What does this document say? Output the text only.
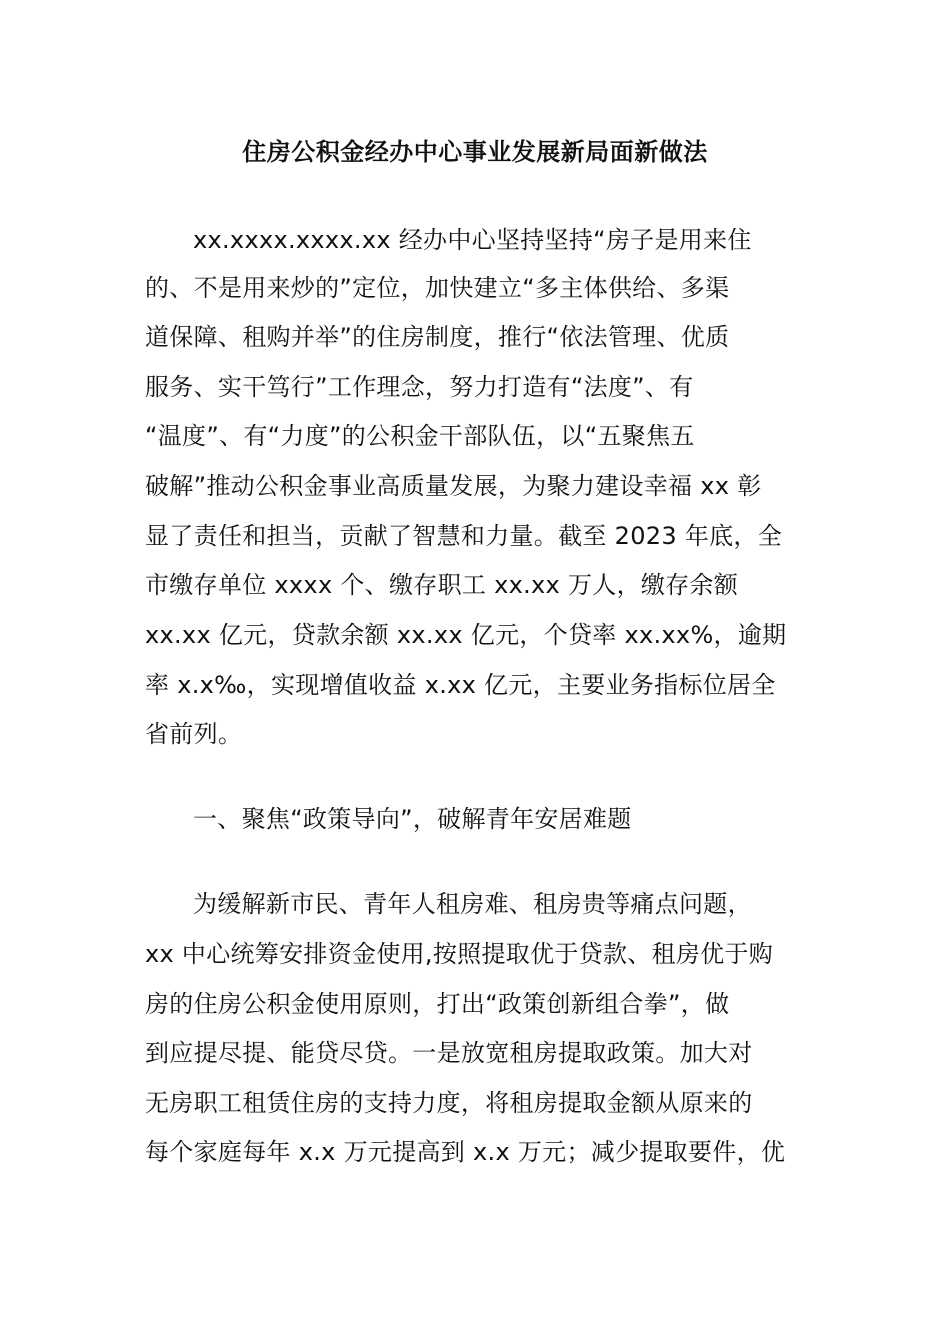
住房公积金经办中心事业发展新局面新做法
xx.xxxx.xxxx.xx 经办中心坚持坚持“房子是用来住
的、不是用来炒的”定位，加快建立“多主体供给、多渠
道保障、租购并举”的住房制度，推行“依法管理、优质
服务、实干笃行”工作理念，努力打造有“法度”、有
“温度”、有“力度”的公积金干部队伍，以“五聚焦五
破解”推动公积金事业高质量发展，为聚力建设幸福 xx 彰
显了责任和担当，贡献了智慧和力量。截至 2023 年底，全
市缴存单位 xxxx 个、缴存职工 xx.xx 万人，缴存余额
xx.xx 亿元，贷款余额 xx.xx 亿元，个贷率 xx.xx%，逾期
率 x.x‰，实现增值收益 x.xx 亿元，主要业务指标位居全
省前列。
一、聚焦“政策导向”，破解青年安居难题
为缓解新市民、青年人租房难、租房贵等痛点问题，
xx 中心统筹安排资金使用,按照提取优于贷款、租房优于购
房的住房公积金使用原则，打出“政策创新组合拳”，做
到应提尽提、能贷尽贷。一是放宽租房提取政策。加大对
无房职工租赁住房的支持力度，将租房提取金额从原来的
每个家庭每年 x.x 万元提高到 x.x 万元；减少提取要件，优
